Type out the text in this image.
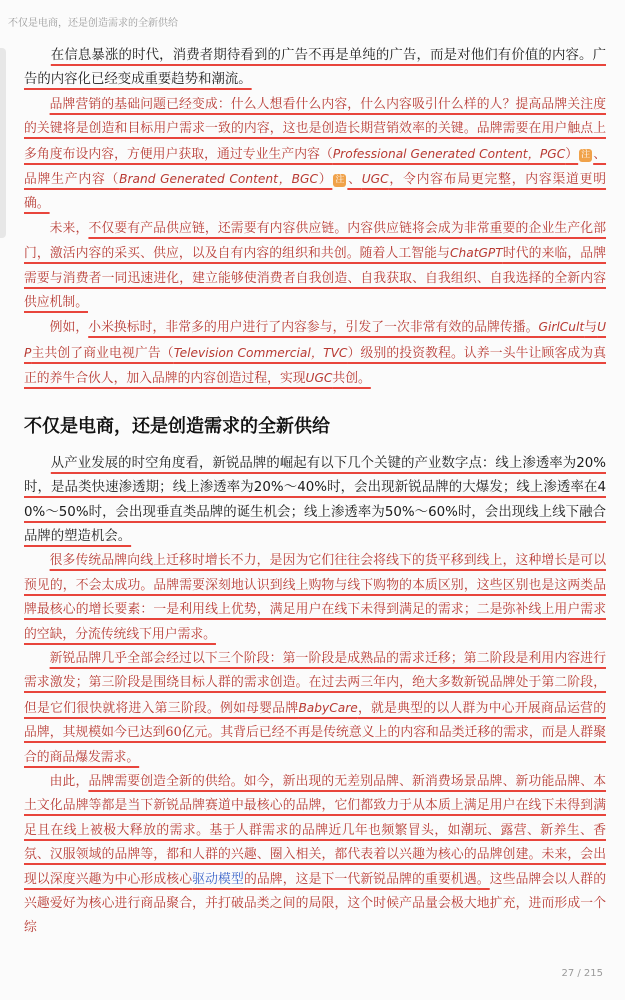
不仅是电商，还是创造需求的全新供给

在信息暴涨的时代，消费者期待看到的广告不再是单纯的广告，而是对他们有价值的内容。广告的内容化已经变成重要趋势和潮流。

品牌营销的基础问题已经变成：什么人想看什么内容，什么内容吸引什么样的人？提高品牌关注度的关键将是创造和目标用户需求一致的内容，这也是创造长期营销效率的关键。品牌需要在用户触点上多角度布设内容，方便用户获取，通过专业生产内容（Professional Generated Content，PGC） 注 、品牌生产内容（Brand Generated Content，BGC） 注 、UGC，令内容布局更完整，内容渠道更明确。

未来，不仅要有产品供应链，还需要有内容供应链。内容供应链将会成为非常重要的企业生产化部门，激活内容的采买、供应，以及自有内容的组织和共创。随着人工智能与ChatGPT时代的来临，品牌需要与消费者一同迅速进化，建立能够使消费者自我创造、自我获取、自我组织、自我选择的全新内容供应机制。

例如，小米换标时，非常多的用户进行了内容参与，引发了一次非常有效的品牌传播。GirlCult与UP主共创了商业电视广告（Television Commercial，TVC）级别的投资教程。认养一头牛让顾客成为真正的养牛合伙人，加入品牌的内容创造过程，实现UGC共创。

不仅是电商，还是创造需求的全新供给

从产业发展的时空角度看，新锐品牌的崛起有以下几个关键的产业数字点：线上渗透率为20%时，是品类快速渗透期；线上渗透率为20%～40%时，会出现新锐品牌的大爆发；线上渗透率在40%～50%时，会出现垂直类品牌的诞生机会；线上渗透率为50%～60%时，会出现线上线下融合品牌的塑造机会。

很多传统品牌向线上迁移时增长不力，是因为它们往往会将线下的货平移到线上，这种增长是可以预见的，不会太成功。品牌需要深刻地认识到线上购物与线下购物的本质区别，这些区别也是这两类品牌最核心的增长要素：一是利用线上优势，满足用户在线下未得到满足的需求；二是弥补线上用户需求的空缺，分流传统线下用户需求。

新锐品牌几乎全部会经过以下三个阶段：第一阶段是成熟品的需求迁移；第二阶段是利用内容进行需求激发；第三阶段是围绕目标人群的需求创造。在过去两三年内，绝大多数新锐品牌处于第二阶段，但是它们很快就将进入第三阶段。例如母婴品牌BabyCare，就是典型的以人群为中心开展商品运营的品牌，其规模如今已达到60亿元。其背后已经不再是传统意义上的内容和品类迁移的需求，而是人群聚合的商品爆发需求。

由此，品牌需要创造全新的供给。如今，新出现的无差别品牌、新消费场景品牌、新功能品牌、本土文化品牌等都是当下新锐品牌赛道中最核心的品牌，它们都致力于从本质上满足用户在线下未得到满足且在线上被极大释放的需求。基于人群需求的品牌近几年也频繁冒头，如潮玩、露营、新养生、香氛、汉服领域的品牌等，都和人群的兴趣、圈入相关，都代表着以兴趣为核心的品牌创建。未来，会出现以深度兴趣为中心形成核心驱动模型的品牌，这是下一代新锐品牌的重要机遇。这些品牌会以人群的兴趣爱好为核心进行商品聚合，并打破品类之间的局限，这个时候产品量会极大地扩充，进而形成一个综

27 / 215
